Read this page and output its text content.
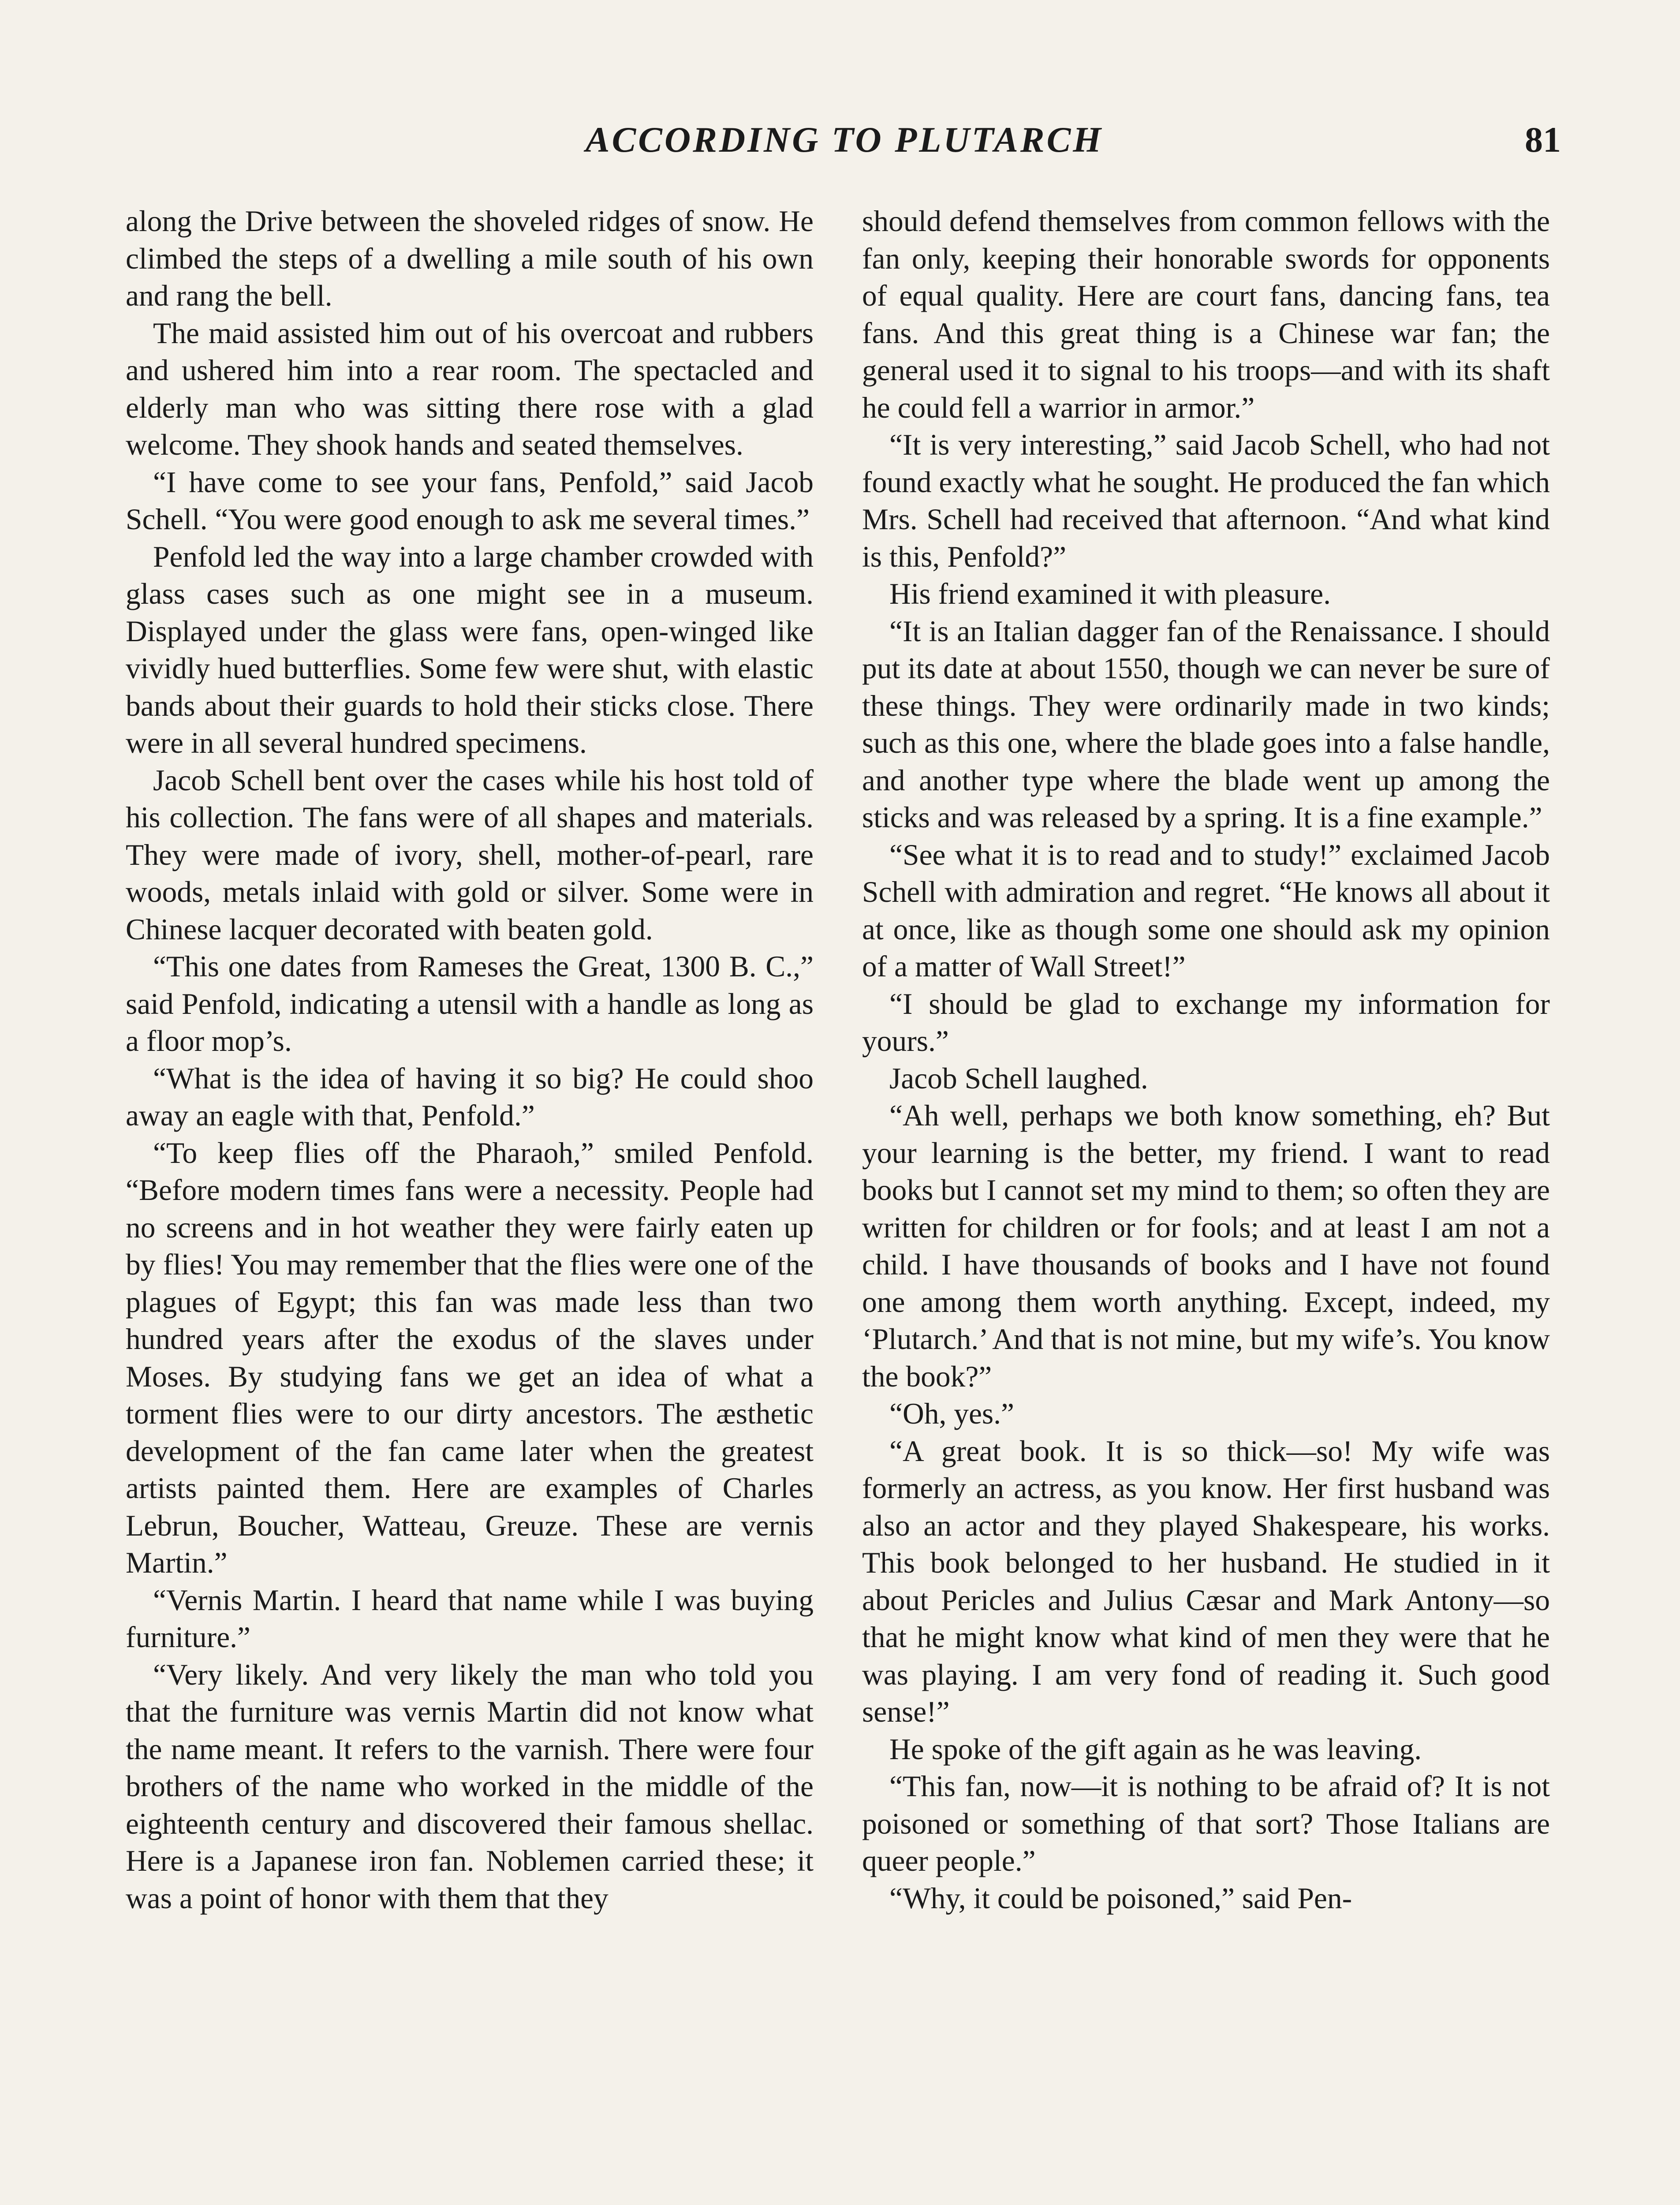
ACCORDING TO PLUTARCH	81

along the Drive between the shoveled ridges of snow. He climbed the steps of a dwelling a mile south of his own and rang the bell.

The maid assisted him out of his overcoat and rubbers and ushered him into a rear room. The spectacled and elderly man who was sitting there rose with a glad welcome. They shook hands and seated themselves.

“I have come to see your fans, Penfold,” said Jacob Schell. “You were good enough to ask me several times.”

Penfold led the way into a large chamber crowded with glass cases such as one might see in a museum. Displayed under the glass were fans, open-winged like vividly hued butterflies. Some few were shut, with elastic bands about their guards to hold their sticks close. There were in all several hundred specimens.

Jacob Schell bent over the cases while his host told of his collection. The fans were of all shapes and materials. They were made of ivory, shell, mother-of-pearl, rare woods, metals inlaid with gold or silver. Some were in Chinese lacquer decorated with beaten gold.

“This one dates from Rameses the Great, 1300 B. C.,” said Penfold, indicating a utensil with a handle as long as a floor mop’s.

“What is the idea of having it so big? He could shoo away an eagle with that, Penfold.”

“To keep flies off the Pharaoh,” smiled Penfold. “Before modern times fans were a necessity. People had no screens and in hot weather they were fairly eaten up by flies! You may remember that the flies were one of the plagues of Egypt; this fan was made less than two hundred years after the exodus of the slaves under Moses. By studying fans we get an idea of what a torment flies were to our dirty ancestors. The æsthetic development of the fan came later when the greatest artists painted them. Here are examples of Charles Lebrun, Boucher, Watteau, Greuze. These are vernis Martin.”

“Vernis Martin. I heard that name while I was buying furniture.”

“Very likely. And very likely the man who told you that the furniture was vernis Martin did not know what the name meant. It refers to the varnish. There were four brothers of the name who worked in the middle of the eighteenth century and discovered their famous shellac. Here is a Japanese iron fan. Noblemen carried these; it was a point of honor with them that they

should defend themselves from common fellows with the fan only, keeping their honorable swords for opponents of equal quality. Here are court fans, dancing fans, tea fans. And this great thing is a Chinese war fan; the general used it to signal to his troops—and with its shaft he could fell a warrior in armor.”

“It is very interesting,” said Jacob Schell, who had not found exactly what he sought. He produced the fan which Mrs. Schell had received that afternoon. “And what kind is this, Penfold?”

His friend examined it with pleasure.

“It is an Italian dagger fan of the Renaissance. I should put its date at about 1550, though we can never be sure of these things. They were ordinarily made in two kinds; such as this one, where the blade goes into a false handle, and another type where the blade went up among the sticks and was released by a spring. It is a fine example.”

“See what it is to read and to study!” exclaimed Jacob Schell with admiration and regret. “He knows all about it at once, like as though some one should ask my opinion of a matter of Wall Street!”

“I should be glad to exchange my information for yours.”

Jacob Schell laughed.

“Ah well, perhaps we both know something, eh? But your learning is the better, my friend. I want to read books but I cannot set my mind to them; so often they are written for children or for fools; and at least I am not a child. I have thousands of books and I have not found one among them worth anything. Except, indeed, my ‘Plutarch.’ And that is not mine, but my wife’s. You know the book?”

“Oh, yes.”

“A great book. It is so thick—so! My wife was formerly an actress, as you know. Her first husband was also an actor and they played Shakespeare, his works. This book belonged to her husband. He studied in it about Pericles and Julius Cæsar and Mark Antony—so that he might know what kind of men they were that he was playing. I am very fond of reading it. Such good sense!”

He spoke of the gift again as he was leaving.

“This fan, now—it is nothing to be afraid of? It is not poisoned or something of that sort? Those Italians are queer people.”

“Why, it could be poisoned,” said Pen-
